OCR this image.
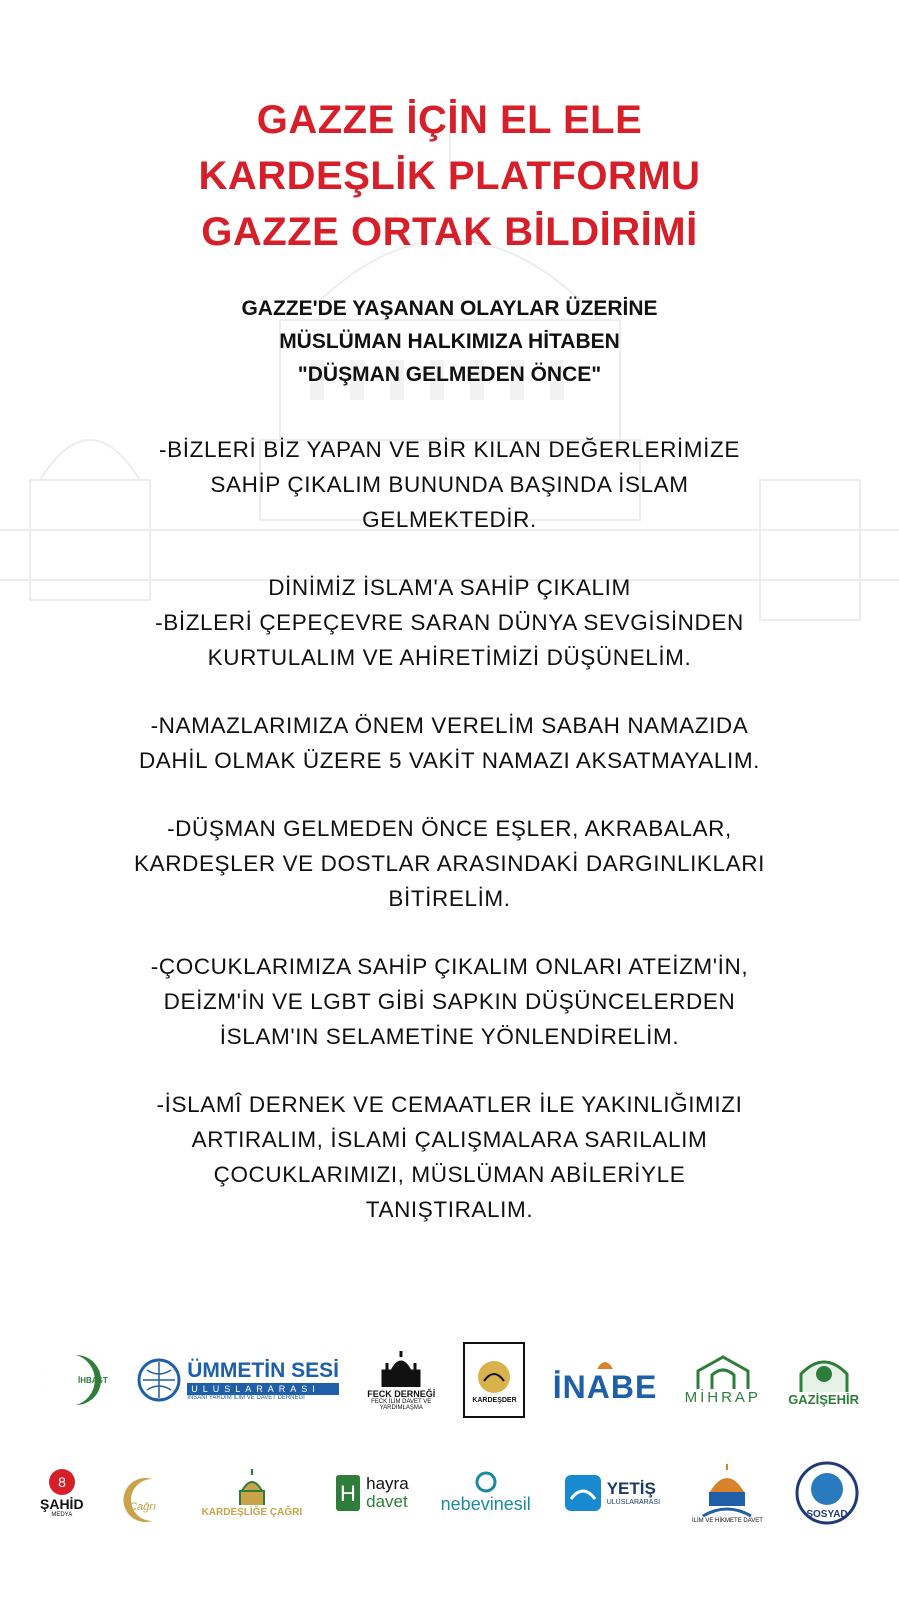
GAZZE İÇİN EL ELE
KARDEŞLİK PLATFORMU
GAZZE ORTAK BİLDİRİMİ
GAZZE'DE YAŞANAN OLAYLAR ÜZERİNE
MÜSLÜMAN HALKIMIZA HİTABEN
"DÜŞMAN GELMEDEN ÖNCE"
-BİZLERİ BİZ YAPAN VE BİR KILAN DEĞERLERİMİZE
SAHİP ÇIKALIM BUNUNDA BAŞINDA İSLAM
GELMEKTEDİR.
DİNİMİZ İSLAM'A SAHİP ÇIKALIM
-BİZLERİ ÇEPEÇEVRE SARAN DÜNYA SEVGİSİNDEN
KURTULALIM VE AHİRETİMİZİ DÜŞÜNELİM.
-NAMAZLARIMIZA ÖNEM VERELİM SABAH NAMAZIDA
DAHİL OLMAK ÜZERE 5 VAKİT NAMAZI AKSATMAYALIM.
-DÜŞMAN GELMEDEN ÖNCE EŞLER, AKRABALAR,
KARDEŞLER VE DOSTLAR ARASINDAKİ DARGINLIKLARI
BİTİRELİM.
-ÇOCUKLARIMIZA SAHİP ÇIKALIM ONLARI ATEİZM'İN,
DEİZM'İN VE LGBT GİBİ SAPKIN DÜŞÜNCELERDEN
İSLAM'IN SELAMETİNE YÖNLENDİRELİM.
-İSLAMÎ DERNEK VE CEMAATLER İLE YAKINLIĞIMIZI
ARTIRALIM, İSLAMİ ÇALIŞMALARA SARILALIM
ÇOCUKLARIMIZI, MÜSLÜMAN ABİLERİYLE
TANIŞTIRALIM.
İHBAST	ÜMMETİN SESİ
ULUSLARARASI
İNSANİ YARDIM İLİM VE DAVET DERNEĞİ	FECK DERNEĞİ
FECK İLİM DAVET VE YARDIMLAŞMA
KARDEŞDER İNABE MİHRAP GAZİŞEHİR
8
ŞAHİD
MEDYA
Çağrı	KARDEŞLİĞE ÇAĞRI
H hayra
davet nebevinesil
YETİŞ
ULUSLARARASI
İLİM VE HİKMETE DAVET
SOSYAD
